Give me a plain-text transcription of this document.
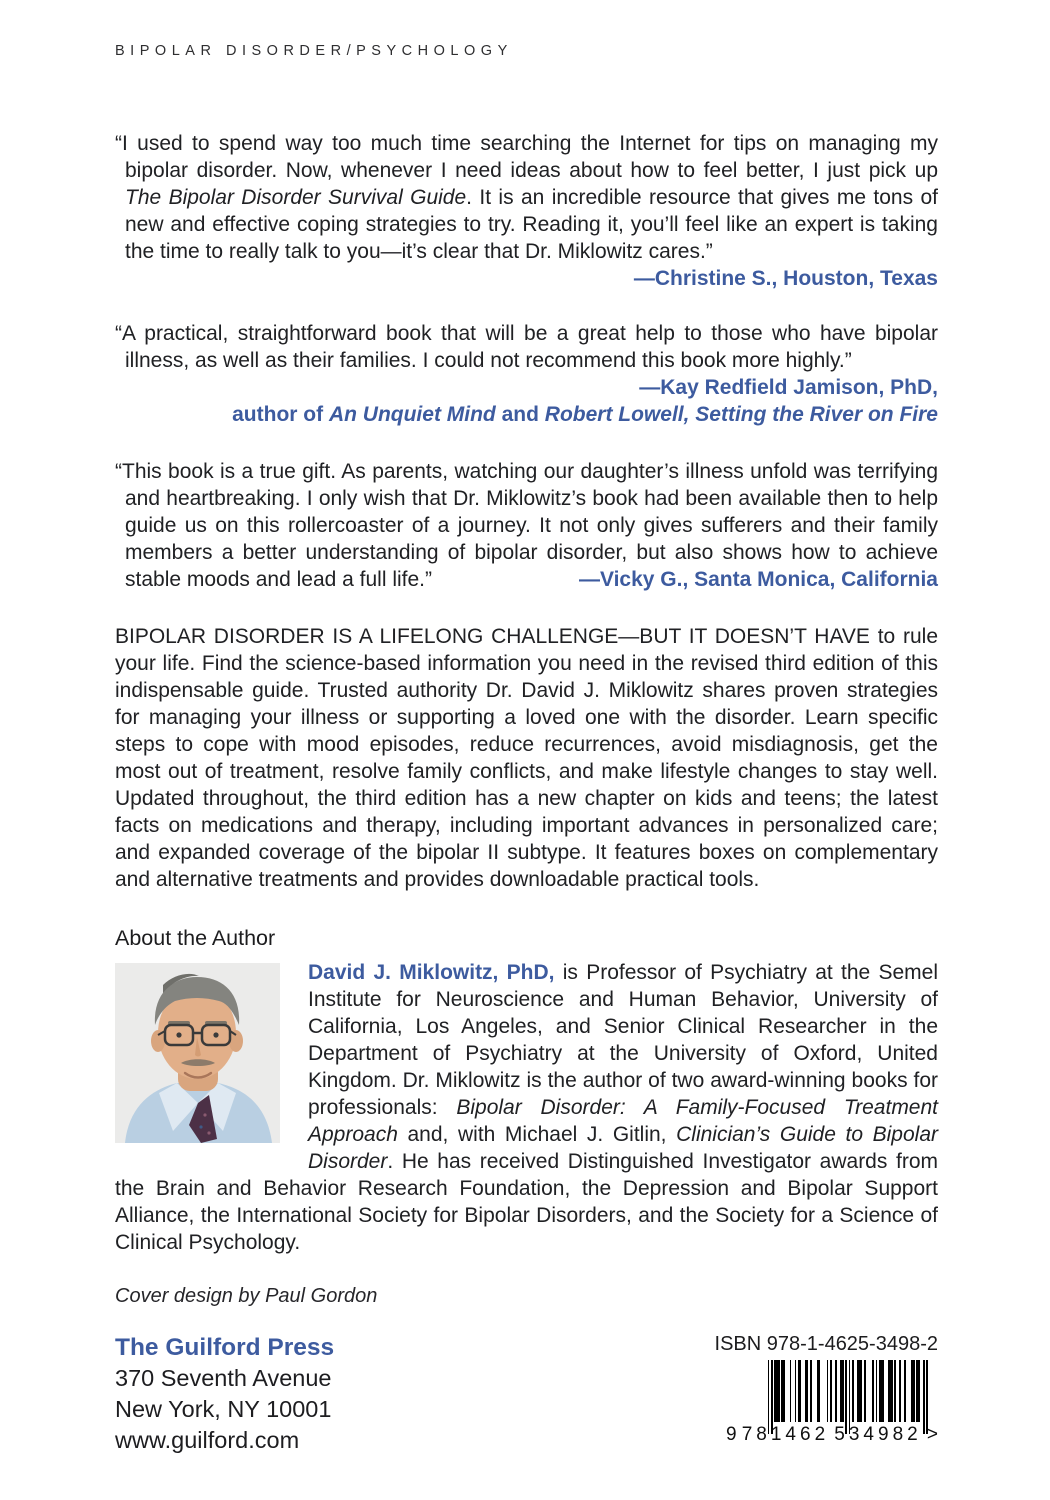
BIPOLAR DISORDER/PSYCHOLOGY

“I used to spend way too much time searching the Internet for tips on managing my bipolar disorder. Now, whenever I need ideas about how to feel better, I just pick up The Bipolar Disorder Survival Guide. It is an incredible resource that gives me tons of new and effective coping strategies to try. Reading it, you’ll feel like an expert is taking the time to really talk to you—it’s clear that Dr. Miklowitz cares.”

—Christine S., Houston, Texas

“A practical, straightforward book that will be a great help to those who have bipolar illness, as well as their families. I could not recommend this book more highly.”

—Kay Redfield Jamison, PhD,
author of An Unquiet Mind and Robert Lowell, Setting the River on Fire

“This book is a true gift. As parents, watching our daughter’s illness unfold was terrifying and heartbreaking. I only wish that Dr. Miklowitz’s book had been available then to help guide us on this rollercoaster of a journey. It not only gives sufferers and their family members a better understanding of bipolar disorder, but also shows how to achieve stable moods and lead a full life.”	—Vicky G., Santa Monica, California

BIPOLAR DISORDER IS A LIFELONG CHALLENGE—BUT IT DOESN’T HAVE to rule your life. Find the science-based information you need in the revised third edition of this indispensable guide. Trusted authority Dr. David J. Miklowitz shares proven strategies for managing your illness or supporting a loved one with the disorder. Learn specific steps to cope with mood episodes, reduce recurrences, avoid misdiagnosis, get the most out of treatment, resolve family conflicts, and make lifestyle changes to stay well. Updated throughout, the third edition has a new chapter on kids and teens; the latest facts on medications and therapy, including important advances in personalized care; and expanded coverage of the bipolar II subtype. It features boxes on complementary and alternative treatments and provides downloadable practical tools.

About the Author

David J. Miklowitz, PhD, is Professor of Psychiatry at the Semel Institute for Neuroscience and Human Behavior, University of California, Los Angeles, and Senior Clinical Researcher in the Department of Psychiatry at the University of Oxford, United Kingdom. Dr. Miklowitz is the author of two award-winning books for professionals: Bipolar Disorder: A Family-Focused Treatment Approach and, with Michael J. Gitlin, Clinician’s Guide to Bipolar Disorder. He has received Distinguished Investigator awards from the Brain and Behavior Research Foundation, the Depression and Bipolar Support Alliance, the International Society for Bipolar Disorders, and the Society for a Science of Clinical Psychology.

Cover design by Paul Gordon
The Guilford Press
370 Seventh Avenue
New York, NY 10001
www.guilford.com
ISBN 978-1-4625-3498-2
9 781462 534982 >
